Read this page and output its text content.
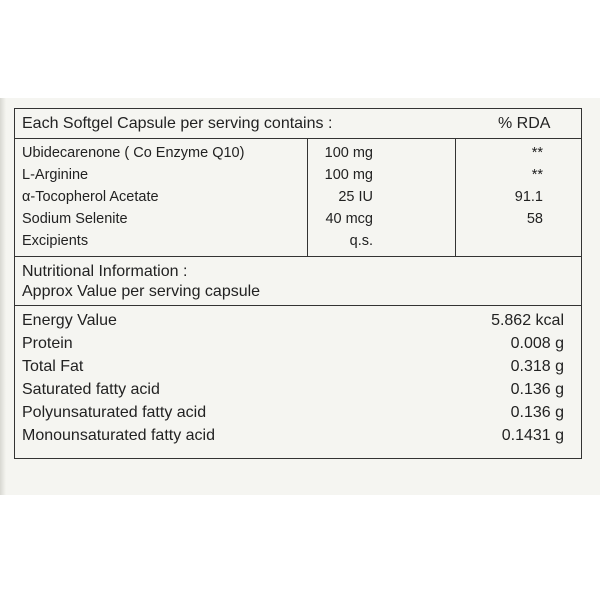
Each Softgel Capsule per serving contains :	% RDA
Ubidecarenone ( Co Enzyme Q10)	100 mg	**
L-Arginine	100 mg	**
α-Tocopherol Acetate	25 IU	91.1
Sodium Selenite	40 mcg	58
Excipients	q.s.
Nutritional Information :
Approx Value per serving capsule
Energy Value	5.862 kcal
Protein	0.008 g
Total Fat	0.318 g
Saturated fatty acid	0.136 g
Polyunsaturated fatty acid	0.136 g
Monounsaturated fatty acid	0.1431 g
